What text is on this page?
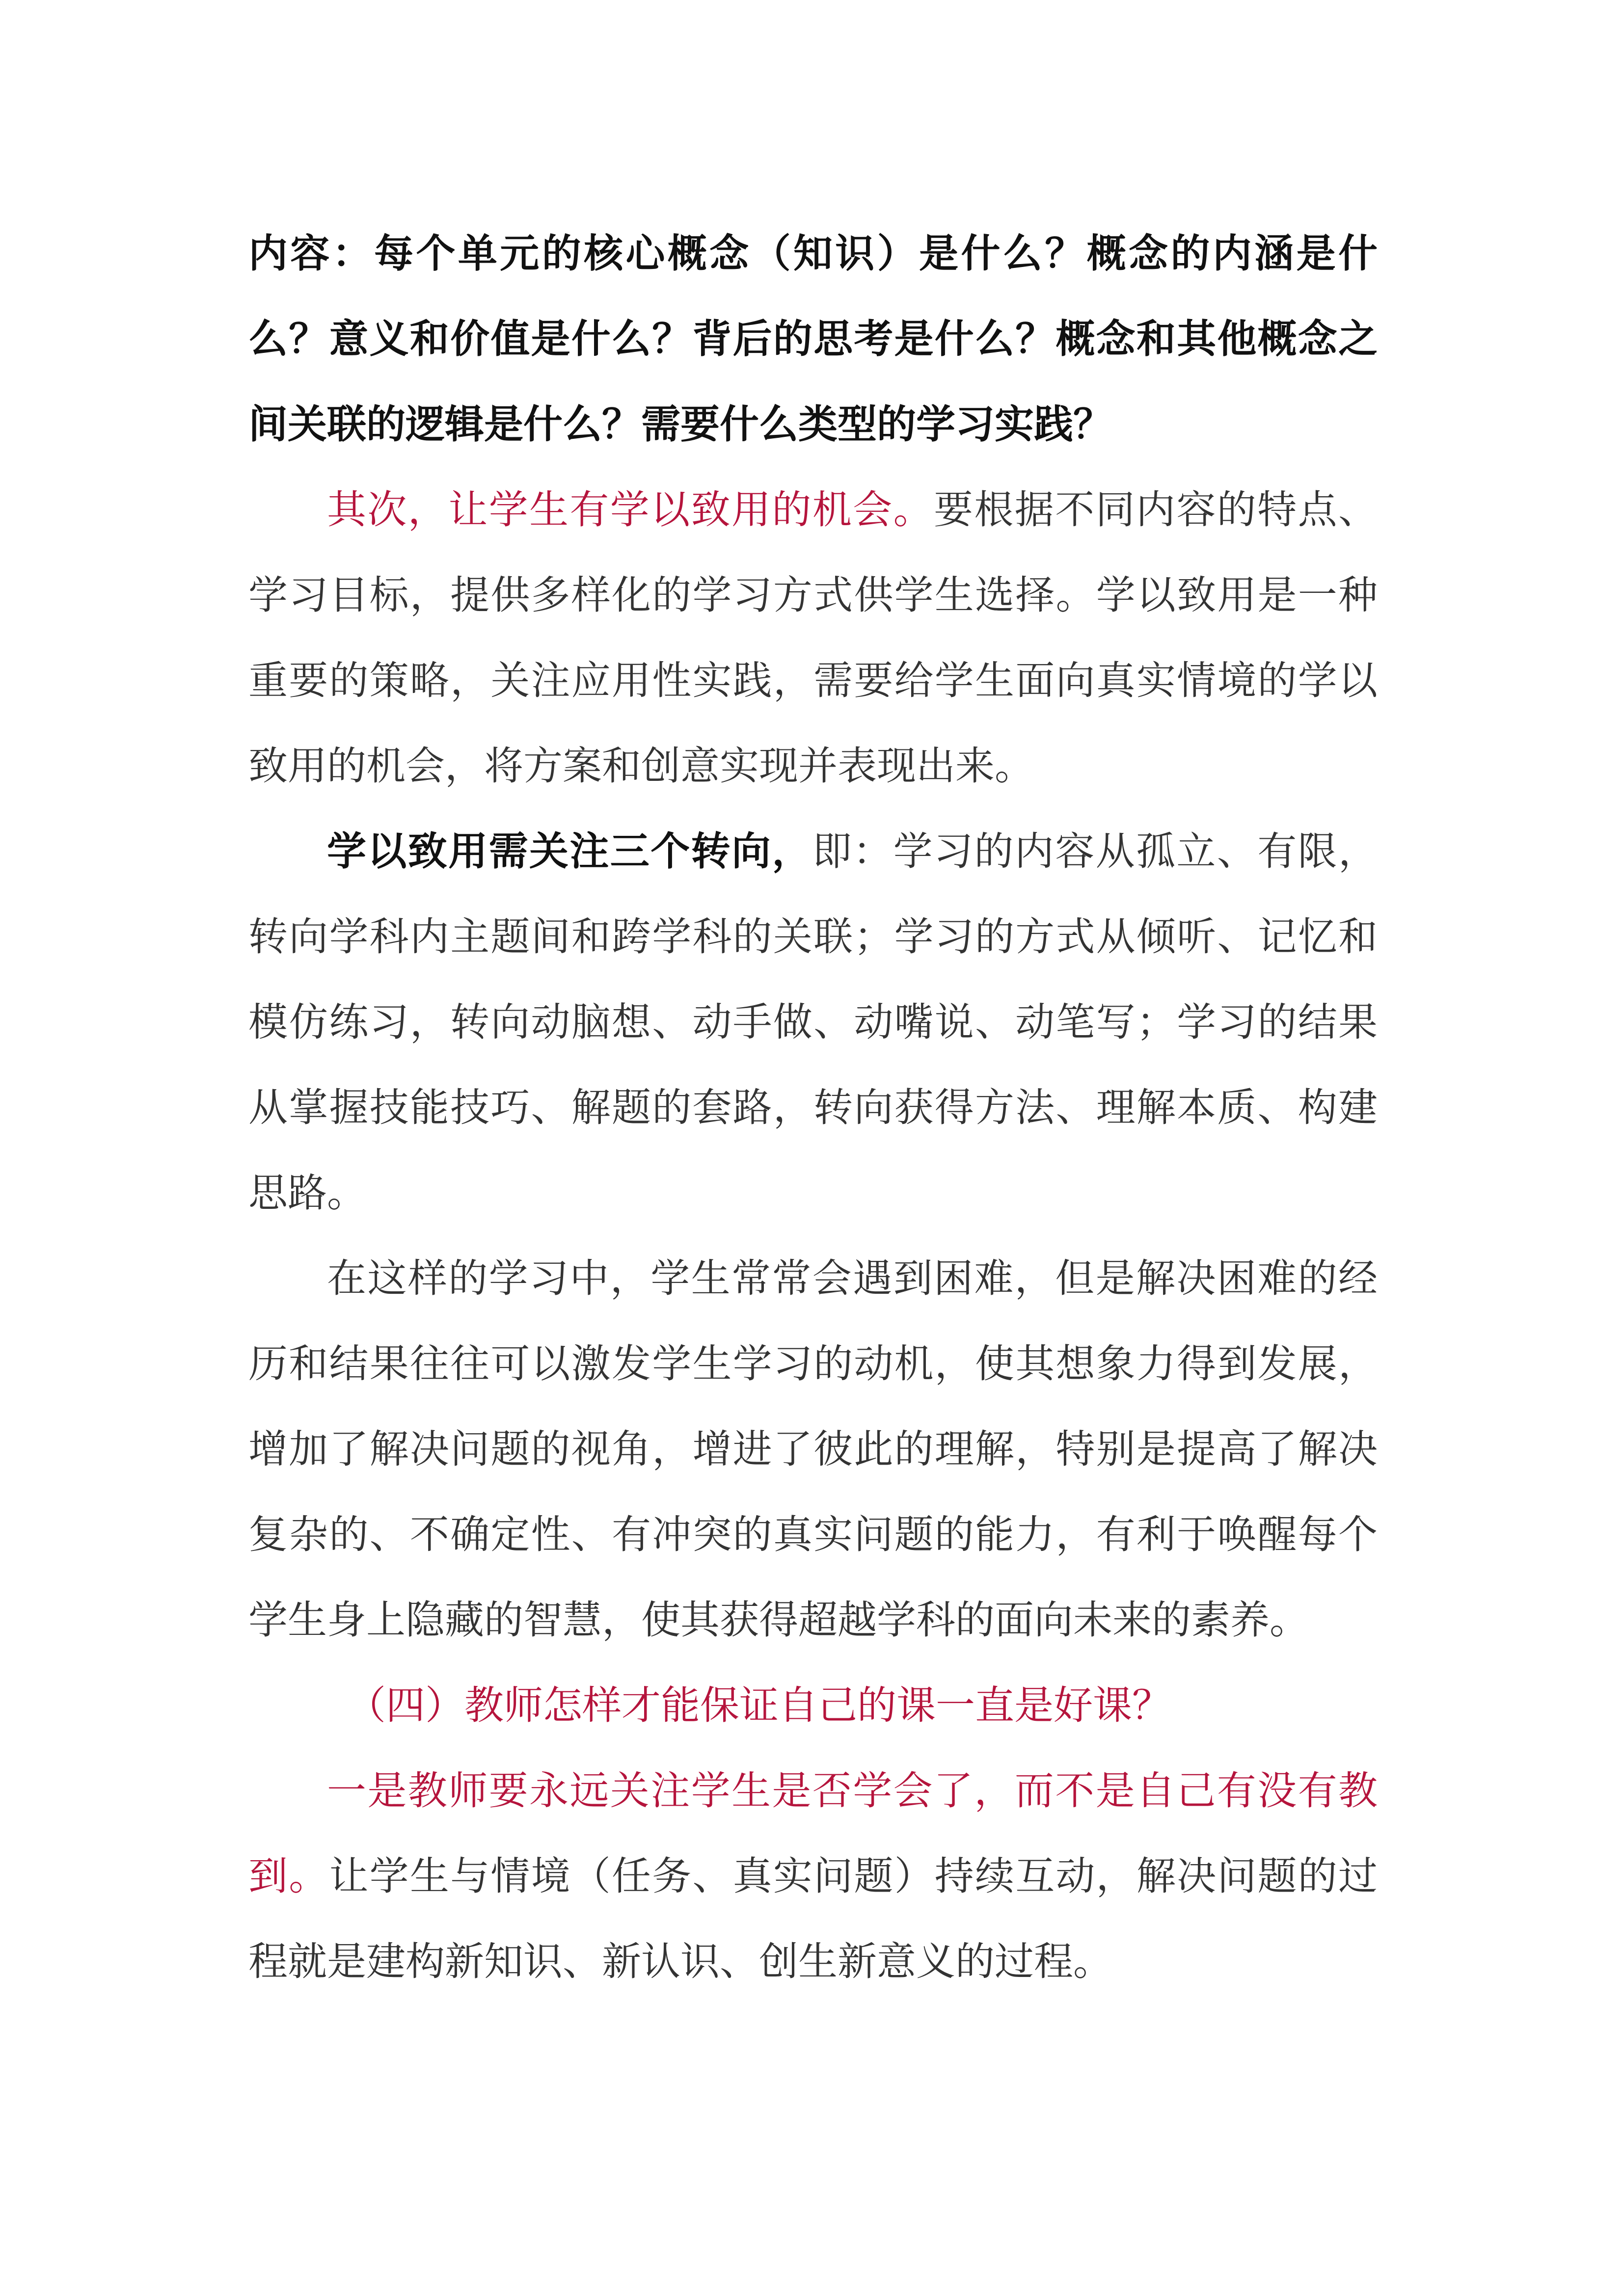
内容：每个单元的核心概念（知识）是什么？概念的内涵是什么？意义和价值是什么？背后的思考是什么？概念和其他概念之间关联的逻辑是什么？需要什么类型的学习实践？

其次，让学生有学以致用的机会。要根据不同内容的特点、学习目标，提供多样化的学习方式供学生选择。学以致用是一种重要的策略，关注应用性实践，需要给学生面向真实情境的学以致用的机会，将方案和创意实现并表现出来。

学以致用需关注三个转向，即：学习的内容从孤立、有限，转向学科内主题间和跨学科的关联；学习的方式从倾听、记忆和模仿练习，转向动脑想、动手做、动嘴说、动笔写；学习的结果从掌握技能技巧、解题的套路，转向获得方法、理解本质、构建思路。

在这样的学习中，学生常常会遇到困难，但是解决困难的经历和结果往往可以激发学生学习的动机，使其想象力得到发展，增加了解决问题的视角，增进了彼此的理解，特别是提高了解决复杂的、不确定性、有冲突的真实问题的能力，有利于唤醒每个学生身上隐藏的智慧，使其获得超越学科的面向未来的素养。

（四）教师怎样才能保证自己的课一直是好课？

一是教师要永远关注学生是否学会了，而不是自己有没有教到。让学生与情境（任务、真实问题）持续互动，解决问题的过程就是建构新知识、新认识、创生新意义的过程。
